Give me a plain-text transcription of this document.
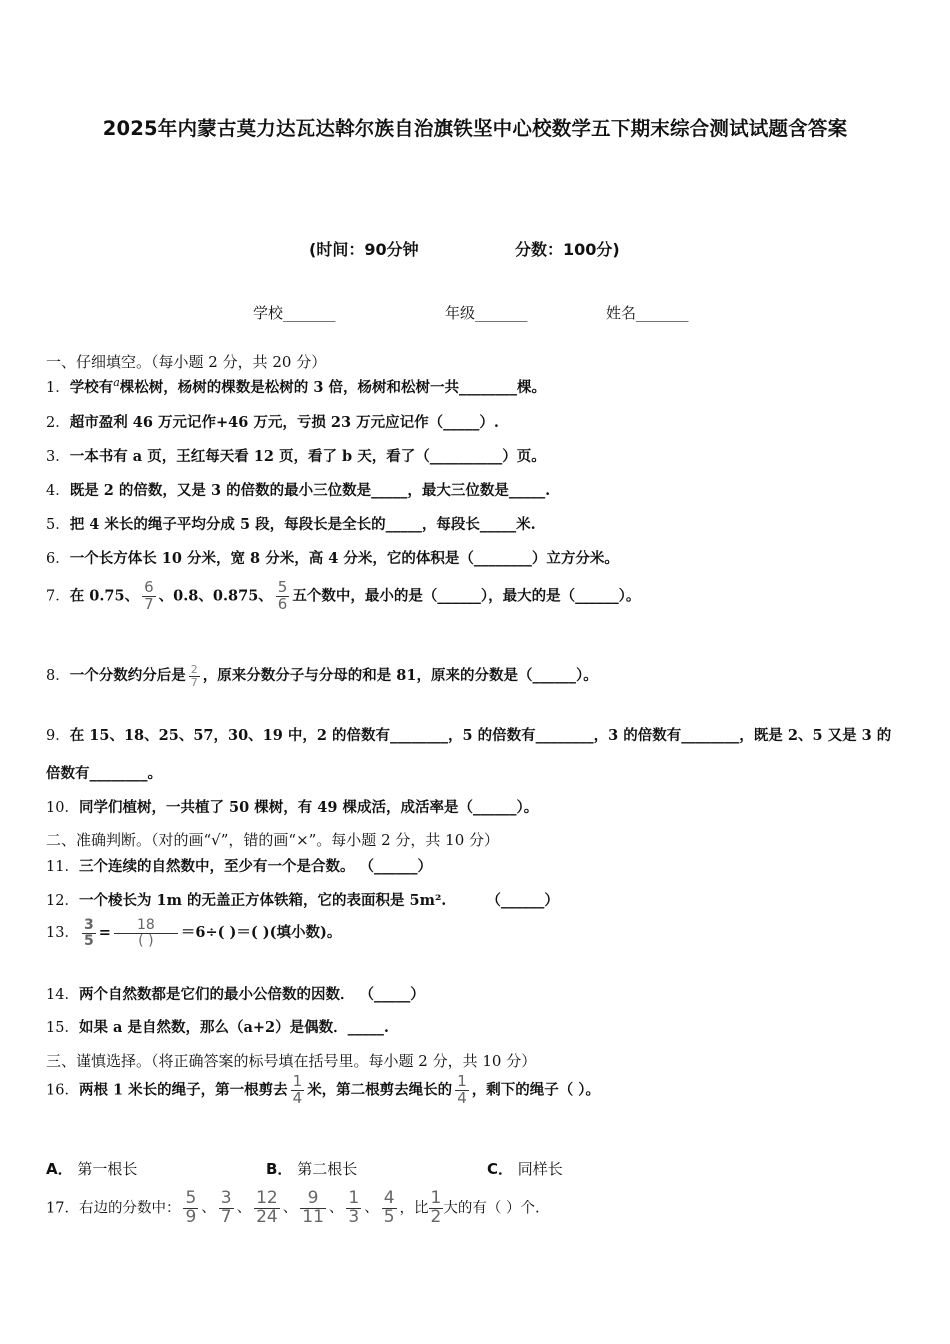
2025年内蒙古莫力达瓦达斡尔族自治旗铁坚中心校数学五下期末综合测试试题含答案
(时间：90分钟	分数：100分)
学校_______	年级_______	姓名_______
一、仔细填空。（每小题 2 分，共 20 分）
1．学校有$^a$棵松树，杨树的棵数是松树的 3 倍，杨树和松树一共________棵。
2．超市盈利 46 万元记作+46 万元，亏损 23 万元应记作（_____）.
3．一本书有 a 页，王红每天看 12 页，看了 b 天，看了（__________）页。
4．既是 2 的倍数，又是 3 的倍数的最小三位数是_____，最大三位数是_____.
5．把 4 米长的绳子平均分成 5 段，每段长是全长的_____，每段长_____米.
6．一个长方体长 10 分米，宽 8 分米，高 4 分米，它的体积是（________）立方分米。
7．在 0.75、 $\frac{6}{7}$ 、0.8、0.875、 $\frac{5}{6}$ 五个数中，最小的是（______），最大的是（______）。
8．一个分数约分后是 $\frac{2}{7}$ ，原来分数分子与分母的和是 81，原来的分数是（______）。
9．在 15、18、25、57，30、19 中，2 的倍数有________，5 的倍数有________，3 的倍数有________，既是 2、5 又是 3 的
倍数有________。
10．同学们植树，一共植了 50 棵树，有 49 棵成活，成活率是（______）。
二、准确判断。（对的画“√”，错的画“×”。每小题 2 分，共 10 分）
11．三个连续的自然数中，至少有一个是合数。 （______）
12．一个棱长为 1m 的无盖正方体铁箱，它的表面积是 5m².	（______）
13． $\frac{3}{5} = \frac{18}{( )} =6\div$( )＝( )(填小数)。
14．两个自然数都是它们的最小公倍数的因数． （_____）
15．如果 a 是自然数，那么（a+2）是偶数．_____.
三、谨慎选择。（将正确答案的标号填在括号里。每小题 2 分，共 10 分）
16．两根 1 米长的绳子，第一根剪去 $\frac{1}{4}$ 米，第二根剪去绳长的 $\frac{1}{4}$ ，剩下的绳子（ ）。
A． 第一根长	B． 第二根长	C． 同样长
17．右边的分数中： $\frac{5}{9}$ 、 $\frac{3}{7}$ 、 $\frac{12}{24}$ 、 $\frac{9}{11}$ 、 $\frac{1}{3}$ 、 $\frac{4}{5}$ ，比 $\frac{1}{2}$ 大的有（ ）个.
